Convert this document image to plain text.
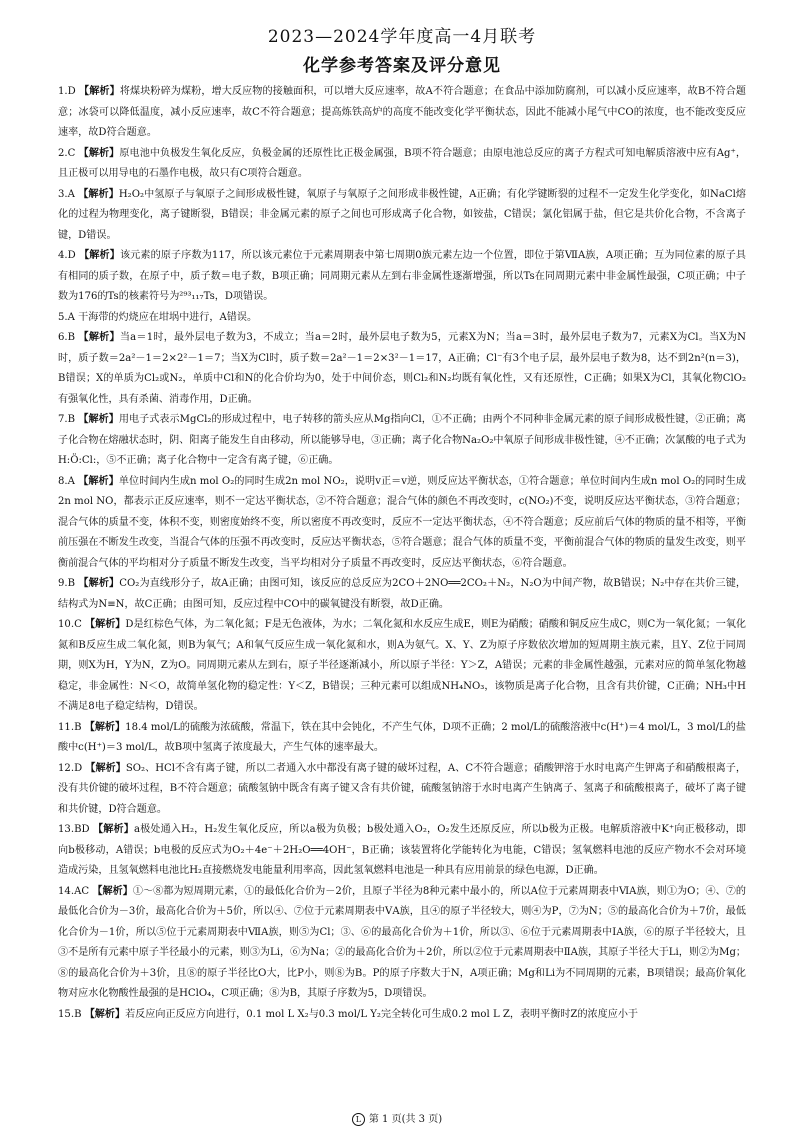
2023—2024学年度高一4月联考
化学参考答案及评分意见

1.D 【解析】将煤块粉碎为煤粉，增大反应物的接触面积，可以增大反应速率，故A不符合题意；在食品中添加防腐剂，可以减小反应速率，故B不符合题意；冰袋可以降低温度，减小反应速率，故C不符合题意；提高炼铁高炉的高度不能改变化学平衡状态，因此不能减小尾气中CO的浓度，也不能改变反应速率，故D符合题意。

2.C 【解析】原电池中负极发生氧化反应，负极金属的还原性比正极金属强，B项不符合题意；由原电池总反应的离子方程式可知电解质溶液中应有Ag⁺，且正极可以用导电的石墨作电极，故只有C项符合题意。

3.A 【解析】H₂O₂中氢原子与氧原子之间形成极性键，氧原子与氧原子之间形成非极性键，A正确；有化学键断裂的过程不一定发生化学变化，如NaCl熔化的过程为物理变化，离子键断裂，B错误；非金属元素的原子之间也可形成离子化合物，如铵盐，C错误；氯化铝属于盐，但它是共价化合物，不含离子键，D错误。

4.D 【解析】该元素的原子序数为117，所以该元素位于元素周期表中第七周期0族元素左边一个位置，即位于第ⅦA族，A项正确；互为同位素的原子具有相同的质子数，在原子中，质子数＝电子数，B项正确；同周期元素从左到右非金属性逐渐增强，所以Ts在同周期元素中非金属性最强，C项正确；中子数为176的Ts的核素符号为²⁹³₁₁₇Ts，D项错误。

5.A 干海带的灼烧应在坩埚中进行，A错误。

6.B 【解析】当a＝1时，最外层电子数为3，不成立；当a＝2时，最外层电子数为5，元素X为N；当a＝3时，最外层电子数为7，元素X为Cl。当X为N时，质子数＝2a²－1＝2×2²－1＝7；当X为Cl时，质子数＝2a²－1＝2×3²－1＝17，A正确；Cl⁻有3个电子层，最外层电子数为8，达不到2n²(n＝3)，B错误；X的单质为Cl₂或N₂，单质中Cl和N的化合价均为0，处于中间价态，则Cl₂和N₂均既有氧化性，又有还原性，C正确；如果X为Cl，其氧化物ClO₂有强氧化性，具有杀菌、消毒作用，D正确。

7.B 【解析】用电子式表示MgCl₂的形成过程中，电子转移的箭头应从Mg指向Cl，①不正确；由两个不同种非金属元素的原子间形成极性键，②正确；离子化合物在熔融状态时，阴、阳离子能发生自由移动，所以能够导电，③正确；离子化合物Na₂O₂中氧原子间形成非极性键，④不正确；次氯酸的电子式为H:Ö:Cl:，⑤不正确；离子化合物中一定含有离子键，⑥正确。

8.A 【解析】单位时间内生成n mol O₂的同时生成2n mol NO₂，说明v正＝v逆，则反应达平衡状态，①符合题意；单位时间内生成n mol O₂的同时生成2n mol NO，都表示正反应速率，则不一定达平衡状态，②不符合题意；混合气体的颜色不再改变时，c(NO₂)不变，说明反应达平衡状态，③符合题意；混合气体的质量不变，体积不变，则密度始终不变，所以密度不再改变时，反应不一定达平衡状态，④不符合题意；反应前后气体的物质的量不相等，平衡前压强在不断发生改变，当混合气体的压强不再改变时，反应达平衡状态，⑤符合题意；混合气体的质量不变，平衡前混合气体的物质的量发生改变，则平衡前混合气体的平均相对分子质量不断发生改变，当平均相对分子质量不再改变时，反应达平衡状态，⑥符合题意。

9.B 【解析】CO₂为直线形分子，故A正确；由图可知，该反应的总反应为2CO＋2NO══2CO₂＋N₂，N₂O为中间产物，故B错误；N₂中存在共价三键，结构式为N≡N，故C正确；由图可知，反应过程中CO中的碳氧键没有断裂，故D正确。

10.C 【解析】D是红棕色气体，为二氧化氮；F是无色液体，为水；二氧化氮和水反应生成E，则E为硝酸；硝酸和铜反应生成C，则C为一氧化氮；一氧化氮和B反应生成二氧化氮，则B为氧气；A和氧气反应生成一氧化氮和水，则A为氨气。X、Y、Z为原子序数依次增加的短周期主族元素，且Y、Z位于同周期，则X为H，Y为N，Z为O。同周期元素从左到右，原子半径逐渐减小，所以原子半径：Y＞Z，A错误；元素的非金属性越强，元素对应的简单氢化物越稳定，非金属性：N＜O，故简单氢化物的稳定性：Y＜Z，B错误；三种元素可以组成NH₄NO₃，该物质是离子化合物，且含有共价键，C正确；NH₃中H不满足8电子稳定结构，D错误。

11.B 【解析】18.4 mol/L的硫酸为浓硫酸，常温下，铁在其中会钝化，不产生气体，D项不正确；2 mol/L的硫酸溶液中c(H⁺)＝4 mol/L，3 mol/L的盐酸中c(H⁺)＝3 mol/L，故B项中氢离子浓度最大，产生气体的速率最大。

12.D 【解析】SO₂、HCl不含有离子键，所以二者通入水中都没有离子键的破坏过程，A、C不符合题意；硝酸钾溶于水时电离产生钾离子和硝酸根离子，没有共价键的破坏过程，B不符合题意；硫酸氢钠中既含有离子键又含有共价键，硫酸氢钠溶于水时电离产生钠离子、氢离子和硫酸根离子，破坏了离子键和共价键，D符合题意。

13.BD 【解析】a极处通入H₂，H₂发生氧化反应，所以a极为负极；b极处通入O₂，O₂发生还原反应，所以b极为正极。电解质溶液中K⁺向正极移动，即向b极移动，A错误；b电极的反应式为O₂＋4e⁻＋2H₂O══4OH⁻，B正确；该装置将化学能转化为电能，C错误；氢氧燃料电池的反应产物水不会对环境造成污染，且氢氧燃料电池比H₂直接燃烧发电能量利用率高，因此氢氧燃料电池是一种具有应用前景的绿色电源，D正确。

14.AC 【解析】①～⑧都为短周期元素，①的最低化合价为－2价，且原子半径为8种元素中最小的，所以A位于元素周期表中ⅥA族，则①为O；④、⑦的最低化合价为－3价，最高化合价为＋5价，所以④、⑦位于元素周期表中ⅤA族，且④的原子半径较大，则④为P，⑦为N；⑤的最高化合价为＋7价，最低化合价为－1价，所以⑤位于元素周期表中ⅦA族，则⑤为Cl；③、⑥的最高化合价为＋1价，所以③、⑥位于元素周期表中ⅠA族，⑥的原子半径较大，且③不是所有元素中原子半径最小的元素，则③为Li，⑥为Na；②的最高化合价为＋2价，所以②位于元素周期表中ⅡA族，其原子半径大于Li，则②为Mg；⑧的最高化合价为＋3价，且⑧的原子半径比O大，比P小，则⑧为B。P的原子序数大于N，A项正确；Mg和Li为不同周期的元素，B项错误；最高价氧化物对应水化物酸性最强的是HClO₄，C项正确；⑧为B，其原子序数为5，D项错误。

15.B 【解析】若反应向正反应方向进行，0.1 mol L X₂与0.3 mol/L Y₂完全转化可生成0.2 mol L Z，表明平衡时Z的浓度应小于

L 第 1 页(共 3 页)
